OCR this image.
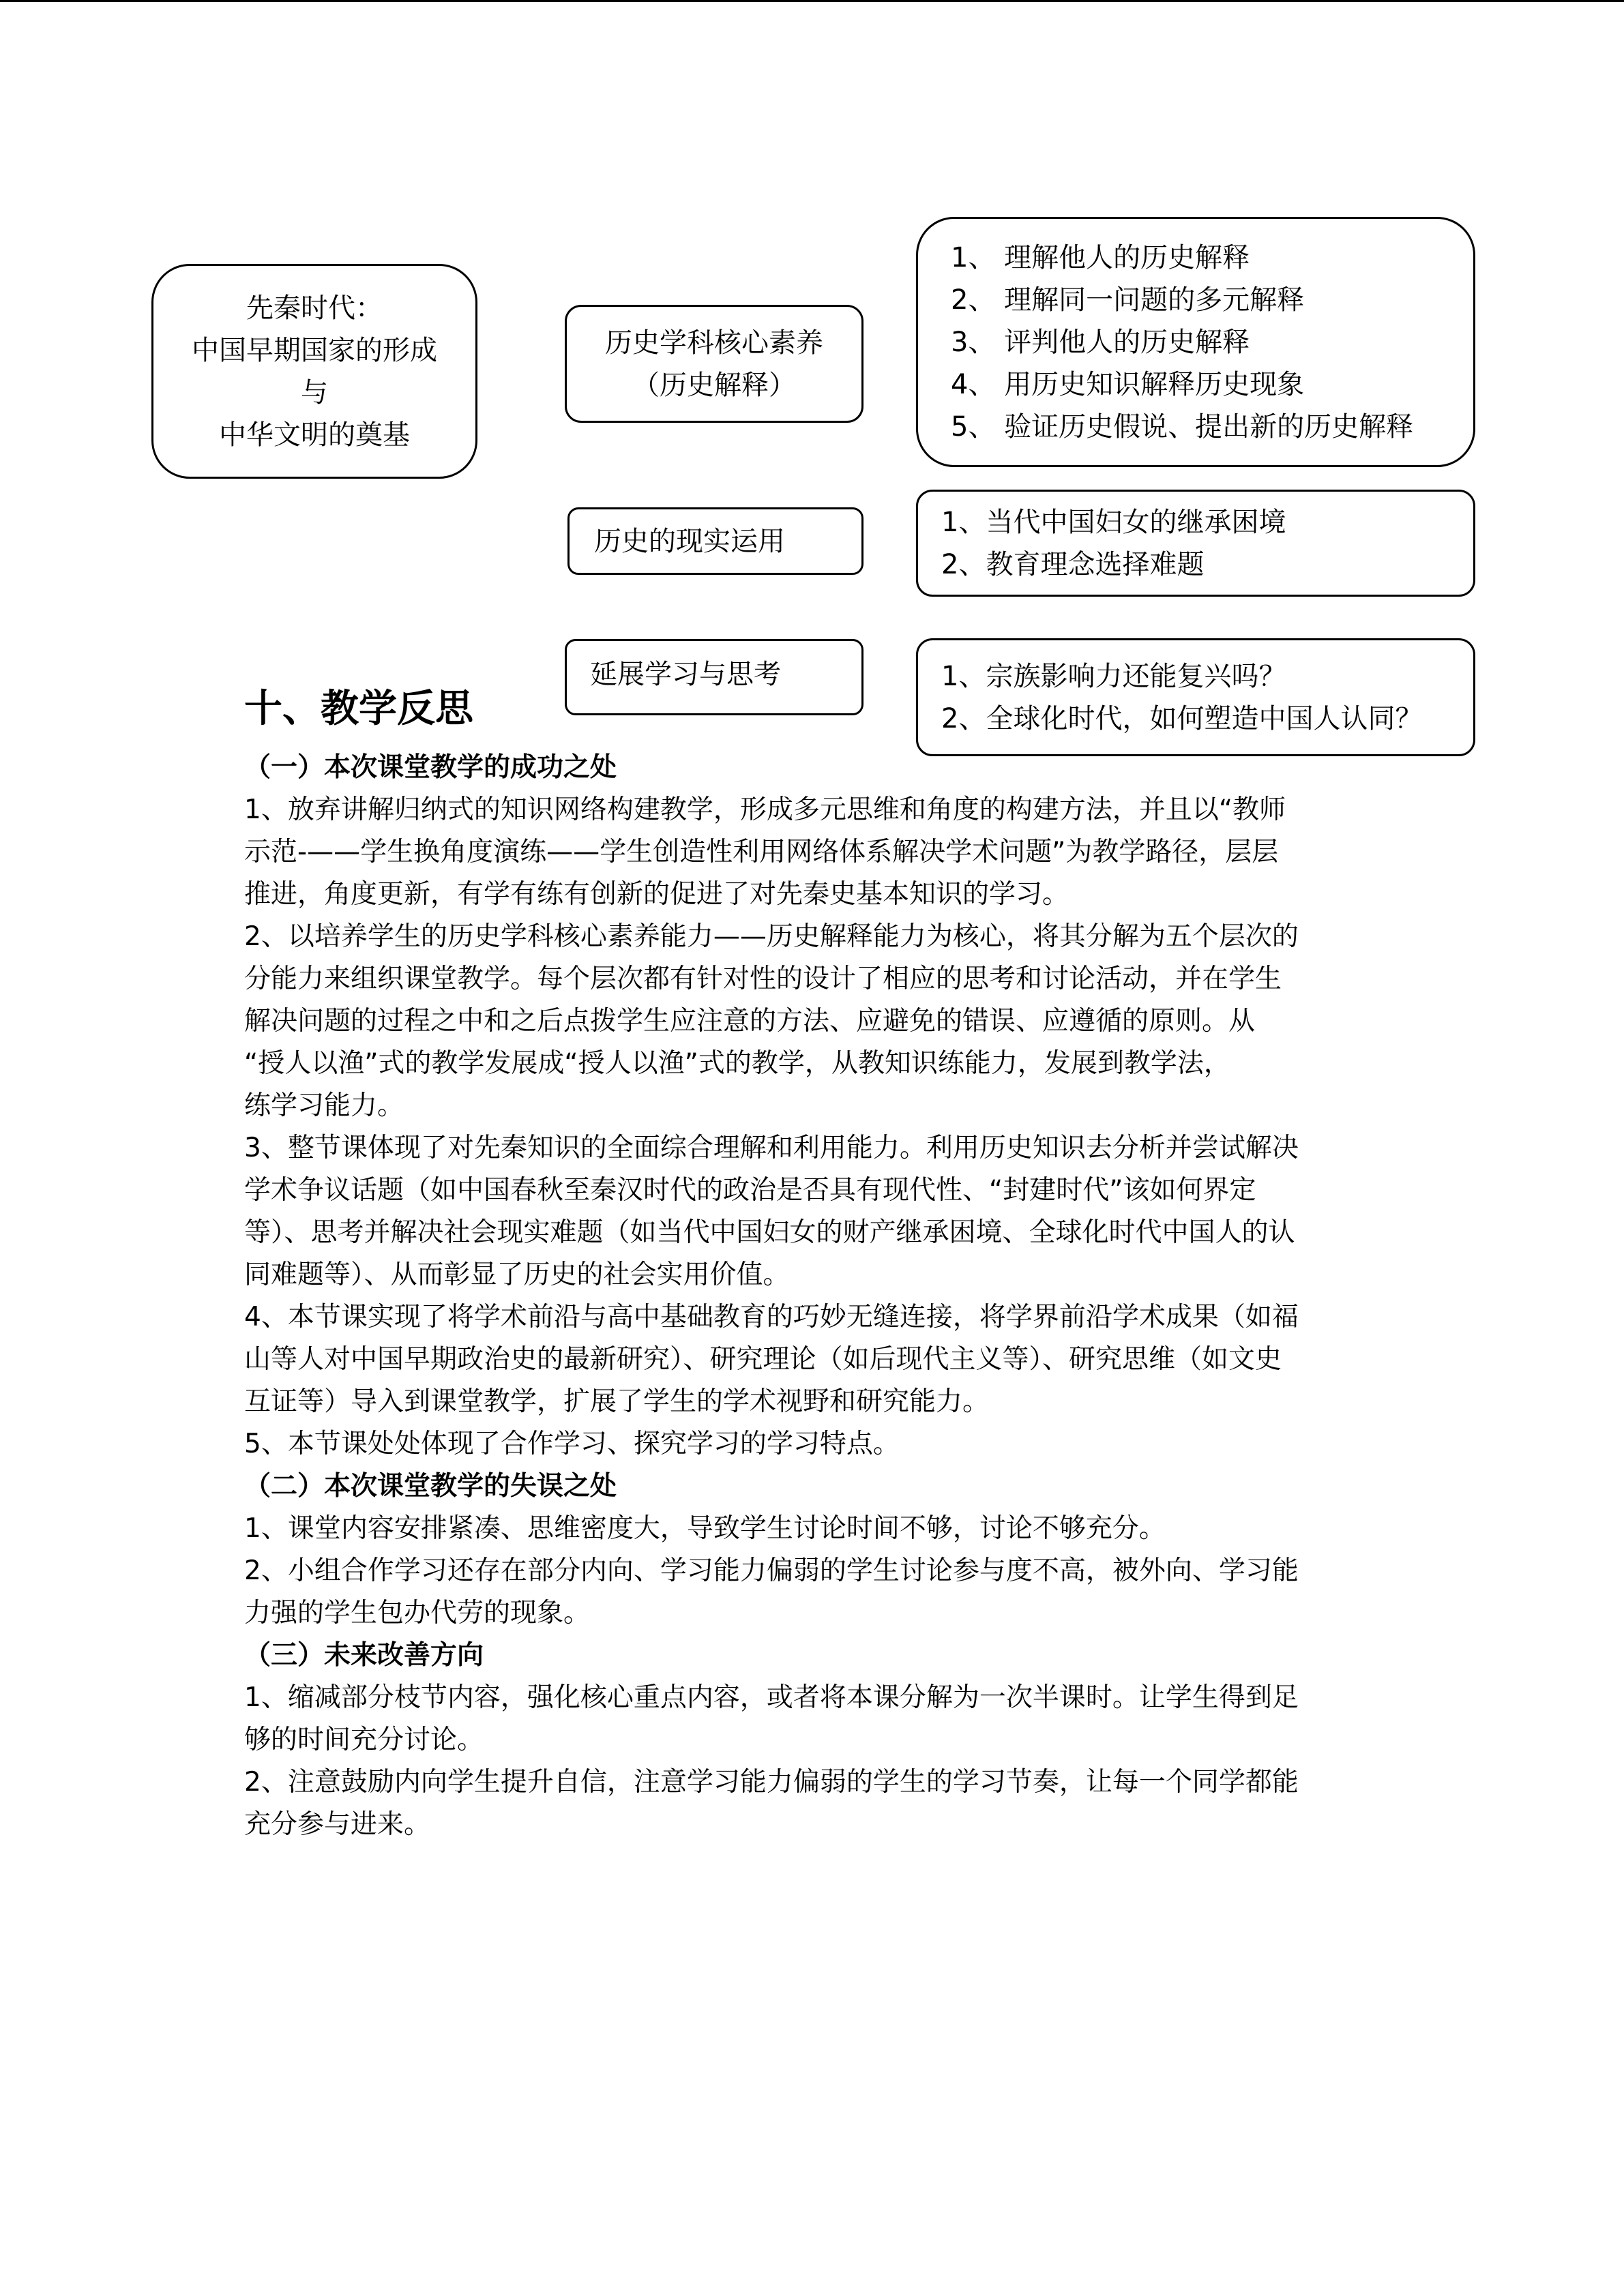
先秦时代：
中国早期国家的形成
与
中华文明的奠基
历史学科核心素养
（历史解释）
1、 理解他人的历史解释
2、 理解同一问题的多元解释
3、 评判他人的历史解释
4、 用历史知识解释历史现象
5、 验证历史假说、提出新的历史解释
历史的现实运用
1、当代中国妇女的继承困境
2、教育理念选择难题
延展学习与思考	1、宗族影响力还能复兴吗？
2、全球化时代，如何塑造中国人认同？
十、教学反思

（一）本次课堂教学的成功之处

1、放弃讲解归纳式的知识网络构建教学，形成多元思维和角度的构建方法，并且以“教师
示范-——学生换角度演练——学生创造性利用网络体系解决学术问题”为教学路径，层层
推进，角度更新，有学有练有创新的促进了对先秦史基本知识的学习。

2、以培养学生的历史学科核心素养能力——历史解释能力为核心，将其分解为五个层次的
分能力来组织课堂教学。每个层次都有针对性的设计了相应的思考和讨论活动，并在学生
解决问题的过程之中和之后点拨学生应注意的方法、应避免的错误、应遵循的原则。从
“授人以渔”式的教学发展成“授人以渔”式的教学，从教知识练能力，发展到教学法，
练学习能力。

3、整节课体现了对先秦知识的全面综合理解和利用能力。利用历史知识去分析并尝试解决
学术争议话题（如中国春秋至秦汉时代的政治是否具有现代性、“封建时代”该如何界定
等）、思考并解决社会现实难题（如当代中国妇女的财产继承困境、全球化时代中国人的认
同难题等）、从而彰显了历史的社会实用价值。

4、本节课实现了将学术前沿与高中基础教育的巧妙无缝连接，将学界前沿学术成果（如福
山等人对中国早期政治史的最新研究）、研究理论（如后现代主义等）、研究思维（如文史
互证等）导入到课堂教学，扩展了学生的学术视野和研究能力。

5、本节课处处体现了合作学习、探究学习的学习特点。

（二）本次课堂教学的失误之处

1、课堂内容安排紧凑、思维密度大，导致学生讨论时间不够，讨论不够充分。

2、小组合作学习还存在部分内向、学习能力偏弱的学生讨论参与度不高，被外向、学习能
力强的学生包办代劳的现象。

（三）未来改善方向

1、缩减部分枝节内容，强化核心重点内容，或者将本课分解为一次半课时。让学生得到足
够的时间充分讨论。

2、注意鼓励内向学生提升自信，注意学习能力偏弱的学生的学习节奏，让每一个同学都能
充分参与进来。
